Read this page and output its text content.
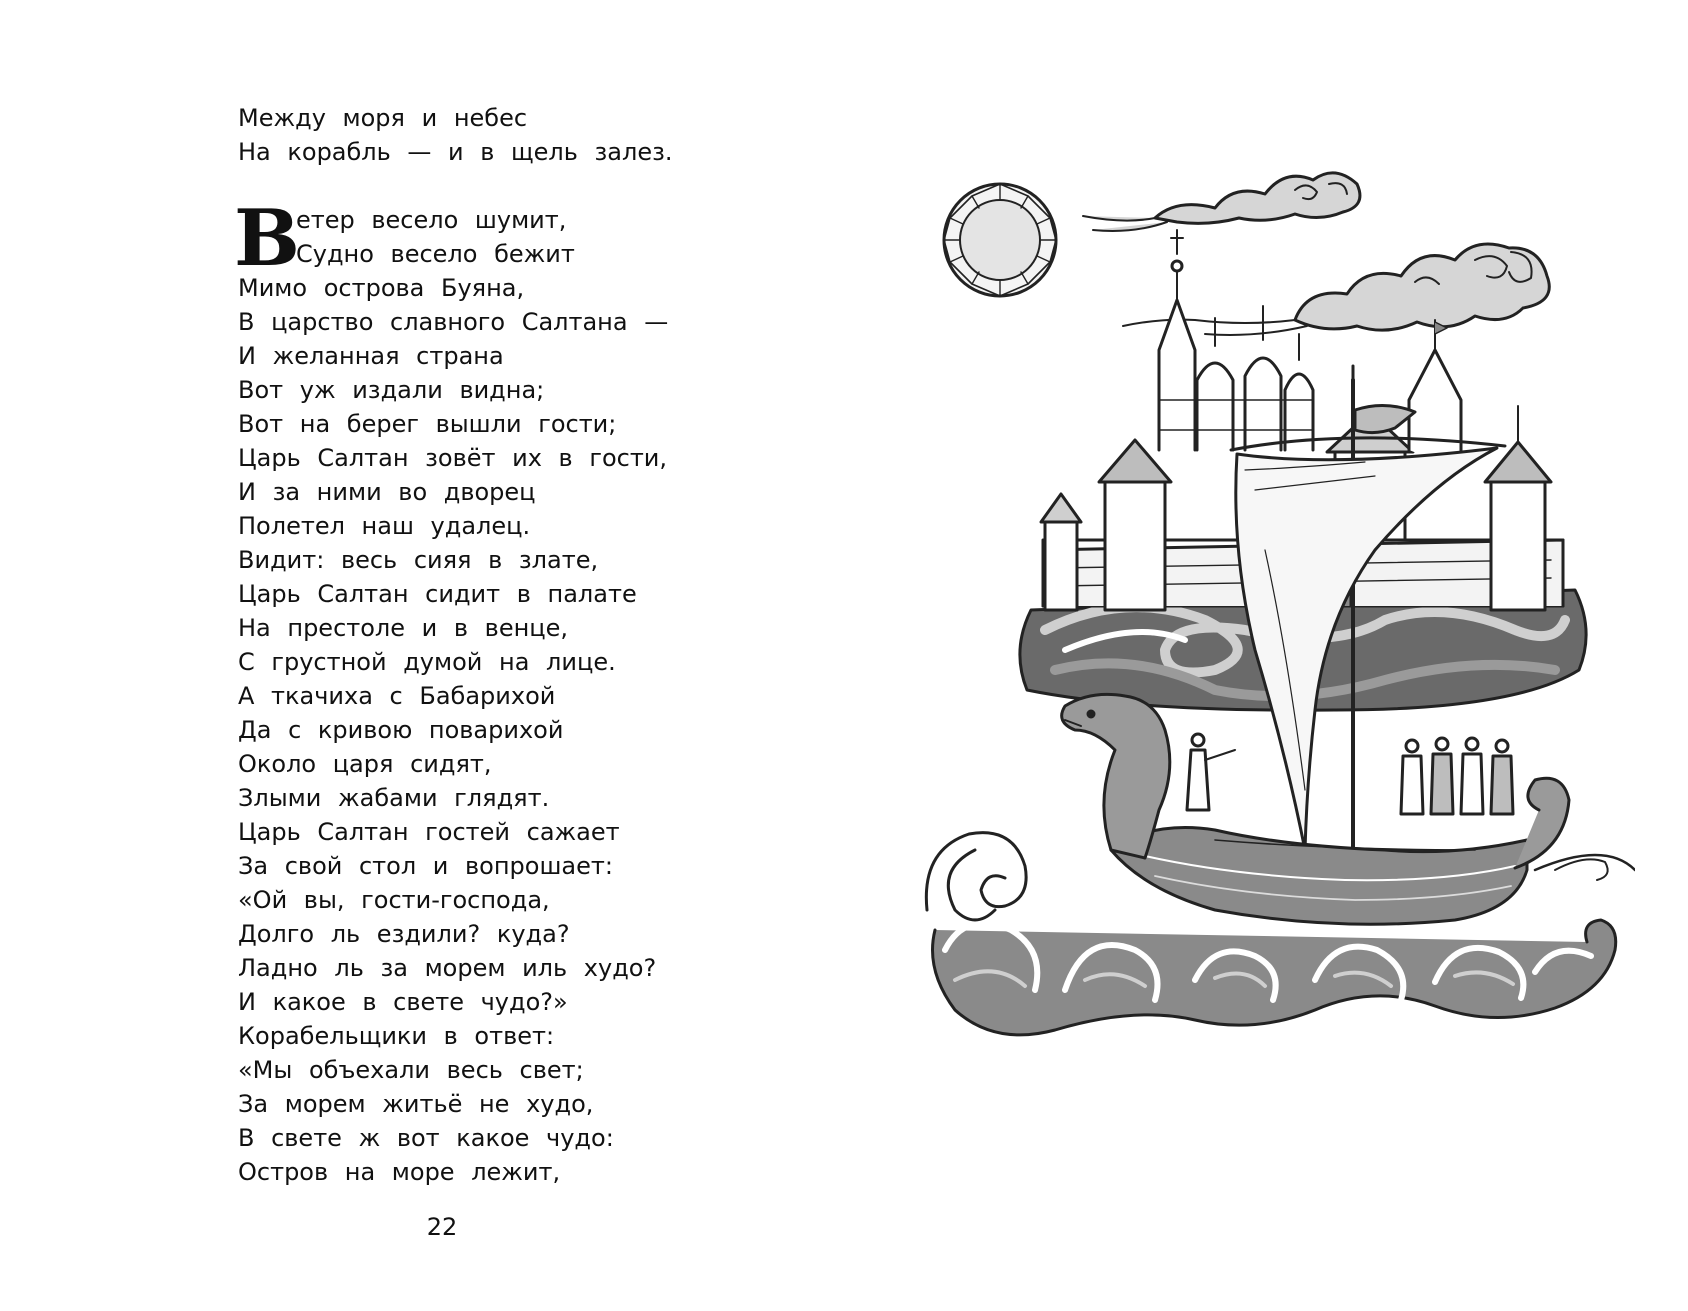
Между моря и небес
На корабль — и в щель залез.
В
етер весело шумит,
Судно весело бежит
Мимо острова Буяна,
В царство славного Салтана —
И желанная страна
Вот уж издали видна;
Вот на берег вышли гости;
Царь Салтан зовёт их в гости,
И за ними во дворец
Полетел наш удалец.
Видит: весь сияя в злате,
Царь Салтан сидит в палате
На престоле и в венце,
С грустной думой на лице.
А ткачиха с Бабарихой
Да с кривою поварихой
Около царя сидят,
Злыми жабами глядят.
Царь Салтан гостей сажает
За свой стол и вопрошает:
«Ой вы, гости-господа,
Долго ль ездили? куда?
Ладно ль за морем иль худо?
И какое в свете чудо?»
Корабельщики в ответ:
«Мы объехали весь свет;
За морем житьё не худо,
В свете ж вот какое чудо:
Остров на море лежит,
22
